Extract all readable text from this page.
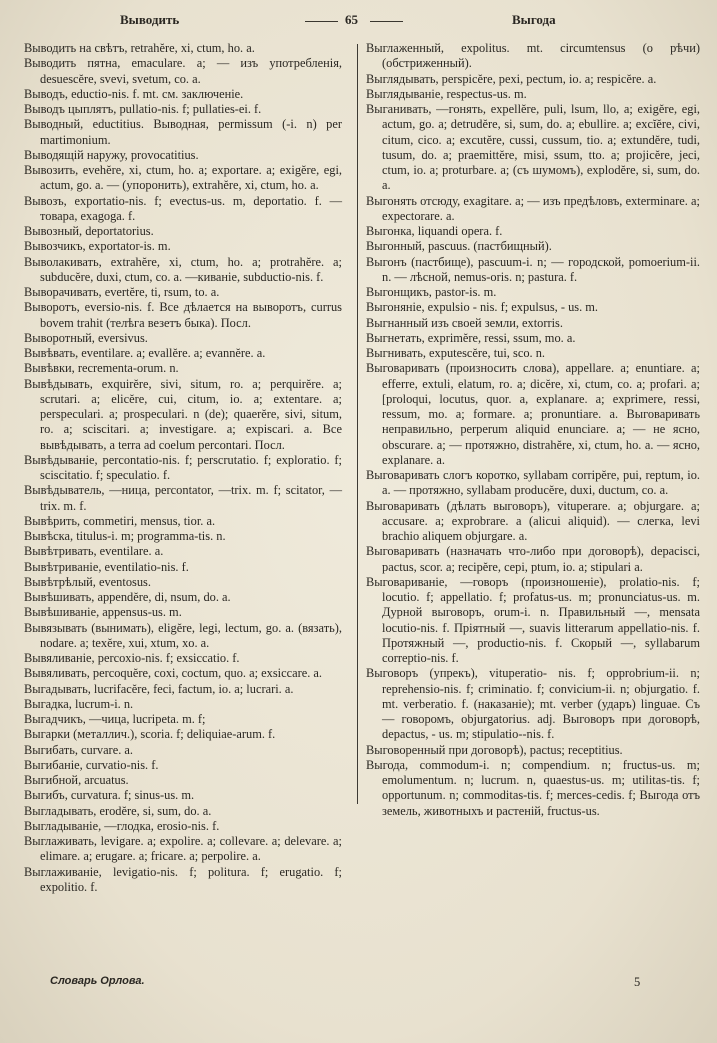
Выводить	65	Выгода

Выводить на свѣтъ, retrahĕre, xi, ctum, ho. a.

Выводить пятна, emaculare. a; — изъ употребленія, desuescĕre, svevi, svetum, co. a.

Выводъ, eductio-nis. f. mt. см. заключеніе.

Выводъ цыплятъ, pullatio-nis. f; pullaties-ei. f.

Выводный, eductitius. Выводная, permissum (-i. n) per martimonium.

Выводящій наружу, provocatitius.

Вывозить, evehĕre, xi, ctum, ho. a; exportare. a; exigĕre, egi, actum, go. a. — (упоронить), extrahĕre, xi, ctum, ho. a.

Вывозъ, exportatio-nis. f; evectus-us. m, deportatio. f. — товара, exagoga. f.

Вывозный, deportatorius.

Вывозчикъ, exportator-is. m.

Выволакивать, extrahĕre, xi, ctum, ho. a; protrahĕre. a; subducĕre, duxi, ctum, co. a. —киваніе, subductio-nis. f.

Выворачивать, evertĕre, ti, rsum, to. a.

Выворотъ, eversio-nis. f. Все дѣлается на выворотъ, currus bovem trahit (телѣга везетъ быка). Посл.

Выворотный, eversivus.

Вывѣвать, eventilare. a; evallĕre. a; evannĕre. a.

Вывѣвки, recrementa-orum. n.

Вывѣдывать, exquirĕre, sivi, situm, ro. a; perquirĕre. a; scrutari. a; elicĕre, cui, citum, io. a; extentare. a; perspeculari. a; prospeculari. n (de); quaerĕre, sivi, situm, ro. a; sciscitari. a; investigare. a; expiscari. a. Все вывѣдывать, a terra ad coelum percontari. Посл.

Вывѣдываніе, percontatio-nis. f; perscrutatio. f; exploratio. f; sciscitatio. f; speculatio. f.

Вывѣдыватель, —ница, percontator, —trix. m. f; scitator, — trix. m. f.

Вывѣрить, commetiri, mensus, tior. a.

Вывѣска, titulus-i. m; programma-tis. n.

Вывѣтривать, eventilare. a.

Вывѣтриваніе, eventilatio-nis. f.

Вывѣтрѣлый, eventosus.

Вывѣшивать, appendĕre, di, nsum, do. a.

Вывѣшиваніе, appensus-us. m.

Вывязывать (вынимать), eligĕre, legi, lectum, go. a. (вязать), nodare. a; texĕre, xui, xtum, xo. a.

Вывяливаніе, percoxio-nis. f; exsiccatio. f.

Вывяливать, percoquĕre, coxi, coctum, quo. a; exsiccare. a.

Выгадывать, lucrifacĕre, feci, factum, io. a; lucrari. a.

Выгадка, lucrum-i. n.

Выгадчикъ, —чица, lucripeta. m. f;

Выгарки (металлич.), scoria. f; deliquiae-arum. f.

Выгибать, curvare. a.

Выгибаніе, curvatio-nis. f.

Выгибной, arcuatus.

Выгибъ, curvatura. f; sinus-us. m.

Выгладывать, erodĕre, si, sum, do. a.

Выгладываніе, —глодка, erosio-nis. f.

Выглаживать, levigare. a; expolire. a; collevare. a; delevare. a; elimare. a; erugare. a; fricare. a; perpolire. a.

Выглаживаніе, levigatio-nis. f; politura. f; erugatio. f; expolitio. f.

Выглаженный, expolitus. mt. circumtensus (о рѣчи) (обстриженный).

Выглядывать, perspicĕre, pexi, pectum, io. a; respicĕre. a.

Выглядываніе, respectus-us. m.

Выганивать, —гонять, expellĕre, puli, lsum, llo, a; exigĕre, egi, actum, go. a; detrudĕre, si, sum, do. a; ebullire. a; excĭĕre, civi, citum, cico. a; excutĕre, cussi, cussum, tio. a; extundĕre, tudi, tusum, do. a; praemittĕre, misi, ssum, tto. a; projicĕre, jeci, ctum, io. a; proturbare. a; (съ шумомъ), explodĕre, si, sum, do. a.

Выгонять отсюду, exagitare. a; — изъ предѣловъ, exterminare. a; expectorare. a.

Выгонка, liquandi opera. f.

Выгонный, pascuus. (пастбищный).

Выгонъ (пастбище), pascuum-i. n; — городской, pomoerium-ii. n. — лѣсной, nemus-oris. n; pastura. f.

Выгонщикъ, pastor-is. m.

Выгоняніе, expulsio - nis. f; expulsus, - us. m.

Выгнанный изъ своей земли, extorris.

Выгнетать, exprimĕre, ressi, ssum, mo. a.

Выгнивать, exputescĕre, tui, sco. n.

Выговаривать (произносить слова), appellare. a; enuntiare. a; efferre, extuli, elatum, ro. a; dicĕre, xi, ctum, co. a; profari. a; [proloqui, locutus, quor. a, explanare. a; exprimere, ressi, ressum, mo. a; formare. a; pronuntiare. a. Выговаривать неправильно, perperum aliquid enunciare. a; — не ясно, obscurare. a; — протяжно, distrahĕre, xi, ctum, ho. a. — ясно, explanare. a.

Выговаривать слогъ коротко, syllabam corripĕre, pui, reptum, io. a. — протяжно, syllabam producĕre, duxi, ductum, co. a.

Выговаривать (дѣлать выговоръ), vituperare. a; objurgare. a; accusare. a; exprobrare. a (alicui aliquid). — слегка, levi brachio aliquem objurgare. a.

Выговаривать (назначать что-либо при договорѣ), depacisci, pactus, scor. a; recipĕre, cepi, ptum, io. a; stipulari a.

Выговариваніе, —говоръ (произношеніе), prolatio-nis. f; locutio. f; appellatio. f; profatus-us. m; pronunciatus-us. m. Дурной выговоръ, orum-i. n. Правильный —, mensata locutio-nis. f. Пріятный —, suavis litterarum appellatio-nis. f. Протяжный —, productio-nis. f. Скорый —, syllabarum correptio-nis. f.

Выговоръ (упрекъ), vituperatio- nis. f; opprobrium-ii. n; reprehensio-nis. f; criminatio. f; convicium-ii. n; objurgatio. f. mt. verberatio. f. (наказаніе); mt. verber (ударъ) linguae. Съ — говоромъ, objurgatorius. adj. Выговоръ при договорѣ, depactus, - us. m; stipulatio--nis. f.

Выговоренный при договорѣ), pactus; receptitius.

Выгода, commodum-i. n; compendium. n; fructus-us. m; emolumentum. n; lucrum. n, quaestus-us. m; utilitas-tis. f; opportunum. n; commoditas-tis. f; merces-cedis. f; Выгода отъ земель, животныхъ и растеній, fructus-us.

Словарь Орлова.	5
